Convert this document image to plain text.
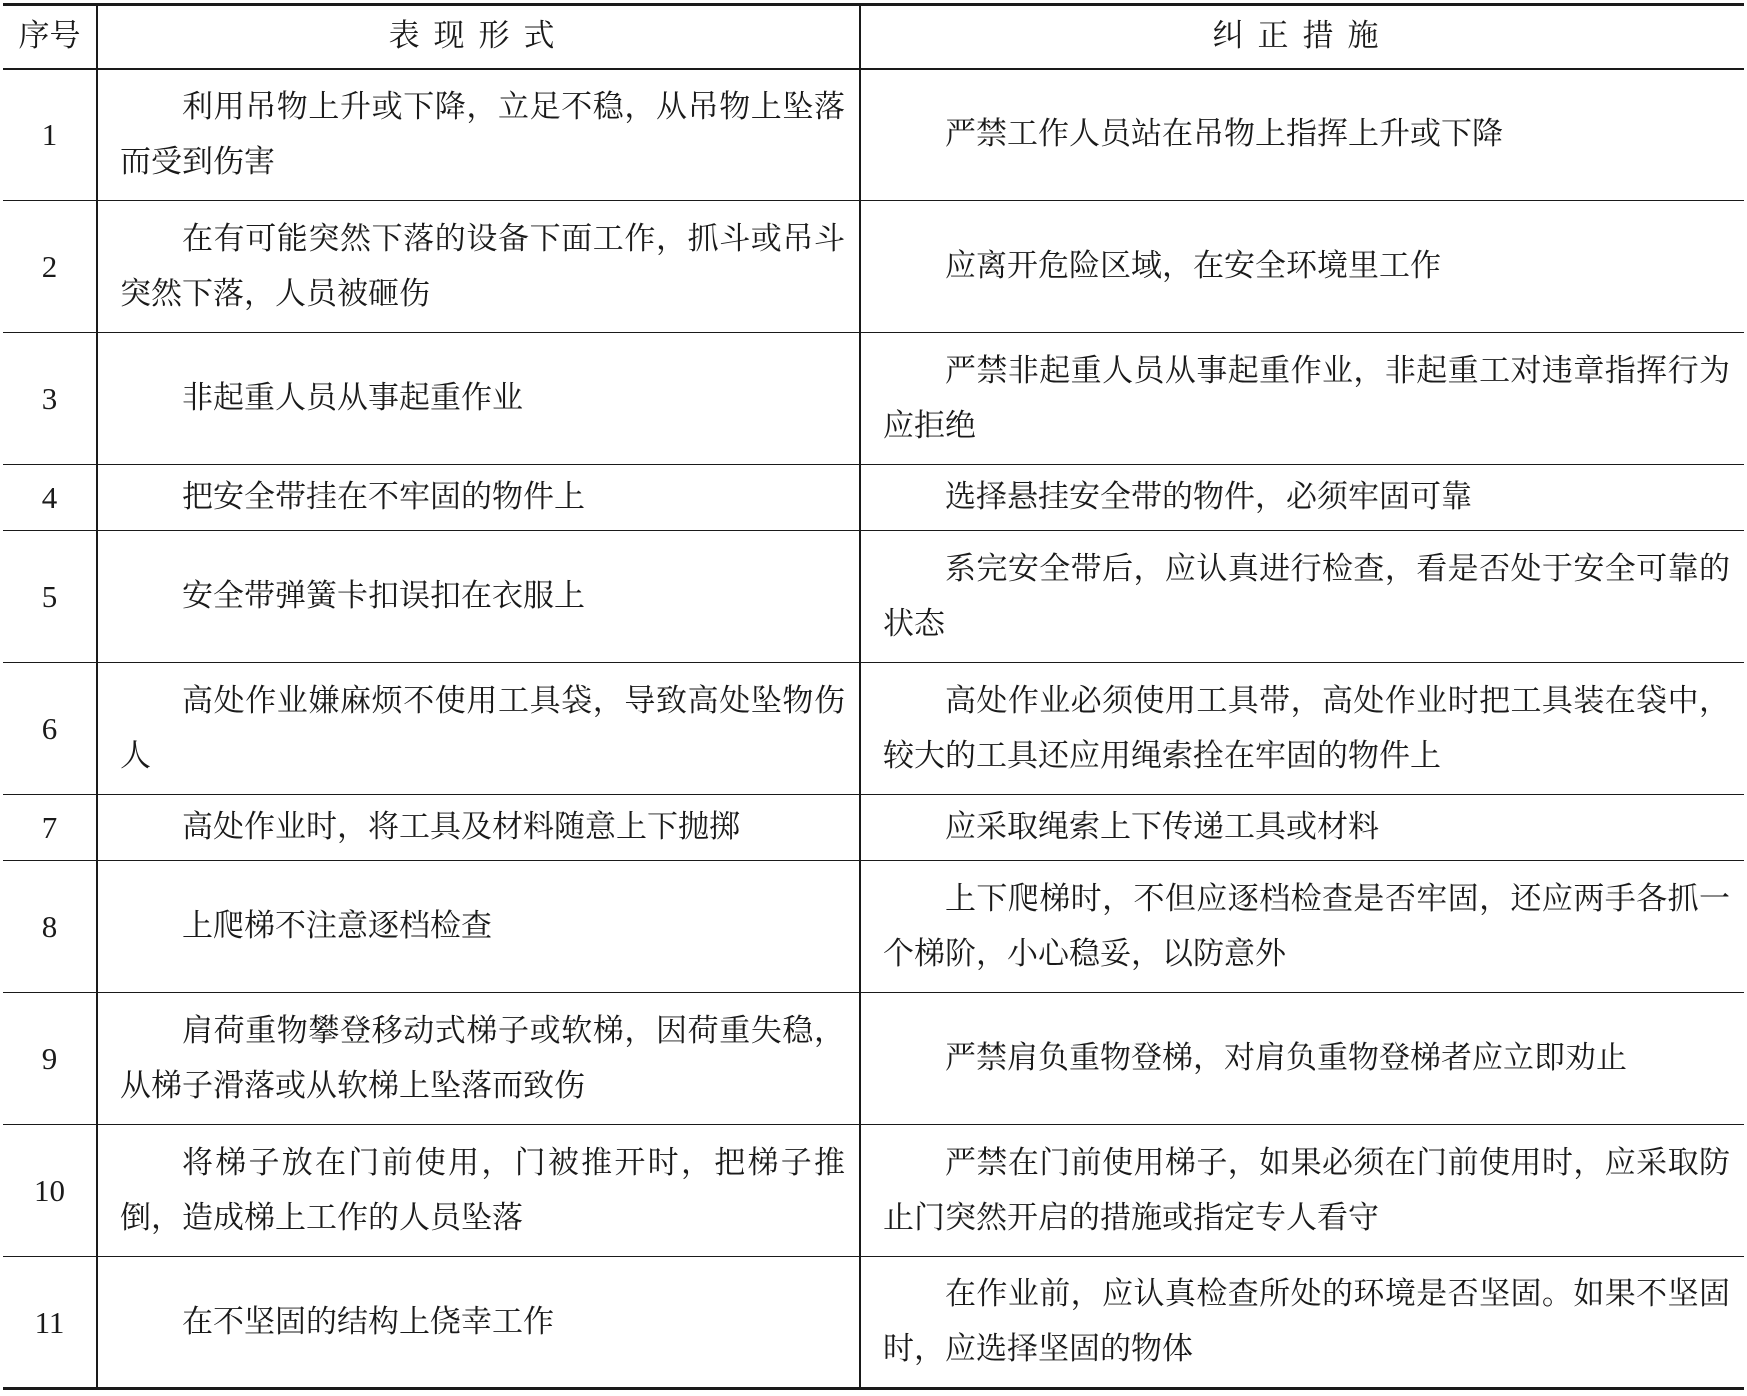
序号	表现形式	纠正措施
1	利用吊物上升或下降，立足不稳，从吊物上坠落而受到伤害	严禁工作人员站在吊物上指挥上升或下降
2	在有可能突然下落的设备下面工作，抓斗或吊斗突然下落，人员被砸伤	应离开危险区域，在安全环境里工作
3	非起重人员从事起重作业	严禁非起重人员从事起重作业，非起重工对违章指挥行为应拒绝
4	把安全带挂在不牢固的物件上	选择悬挂安全带的物件，必须牢固可靠
5	安全带弹簧卡扣误扣在衣服上	系完安全带后，应认真进行检查，看是否处于安全可靠的状态
6	高处作业嫌麻烦不使用工具袋，导致高处坠物伤人	高处作业必须使用工具带，高处作业时把工具装在袋中，较大的工具还应用绳索拴在牢固的物件上
7	高处作业时，将工具及材料随意上下抛掷	应采取绳索上下传递工具或材料
8	上爬梯不注意逐档检查	上下爬梯时，不但应逐档检查是否牢固，还应两手各抓一个梯阶，小心稳妥，以防意外
9	肩荷重物攀登移动式梯子或软梯，因荷重失稳，从梯子滑落或从软梯上坠落而致伤	严禁肩负重物登梯，对肩负重物登梯者应立即劝止
10	将梯子放在门前使用，门被推开时，把梯子推倒，造成梯上工作的人员坠落	严禁在门前使用梯子，如果必须在门前使用时，应采取防止门突然开启的措施或指定专人看守
11	在不坚固的结构上侥幸工作	在作业前，应认真检查所处的环境是否坚固。如果不坚固时，应选择坚固的物体
